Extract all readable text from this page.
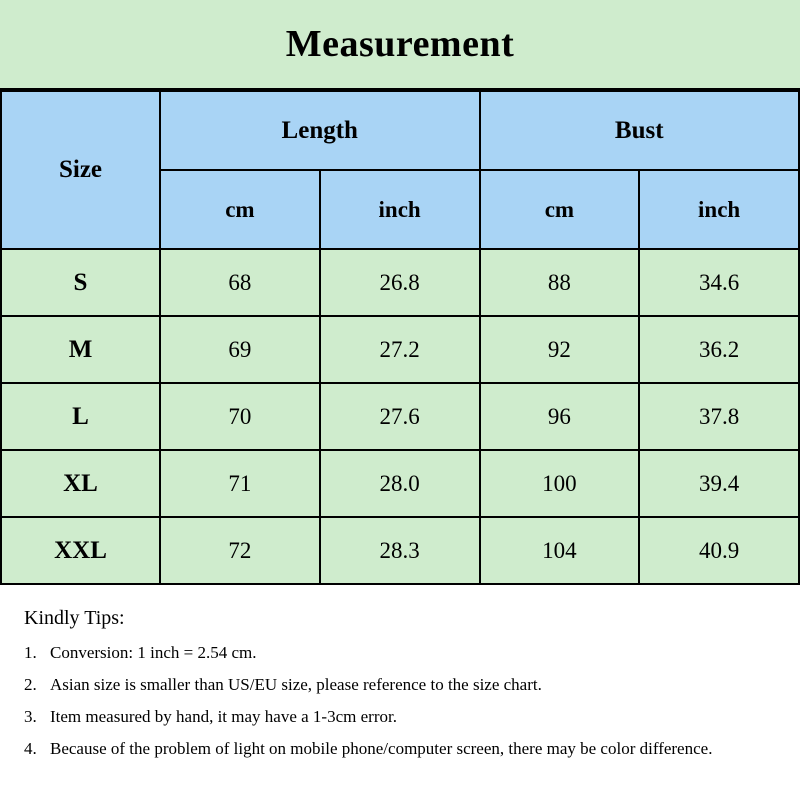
Measurement
Size	Length		Bust	
	cm	inch	cm	inch
S	68	26.8	88	34.6
M	69	27.2	92	36.2
L	70	27.6	96	37.8
XL	71	28.0	100	39.4
XXL	72	28.3	104	40.9
Kindly Tips:
1. Conversion: 1 inch = 2.54 cm.
2. Asian size is smaller than US/EU size, please reference to the size chart.
3. Item measured by hand, it may have a 1-3cm error.
4. Because of the problem of light on mobile phone/computer screen, there may be color difference.
